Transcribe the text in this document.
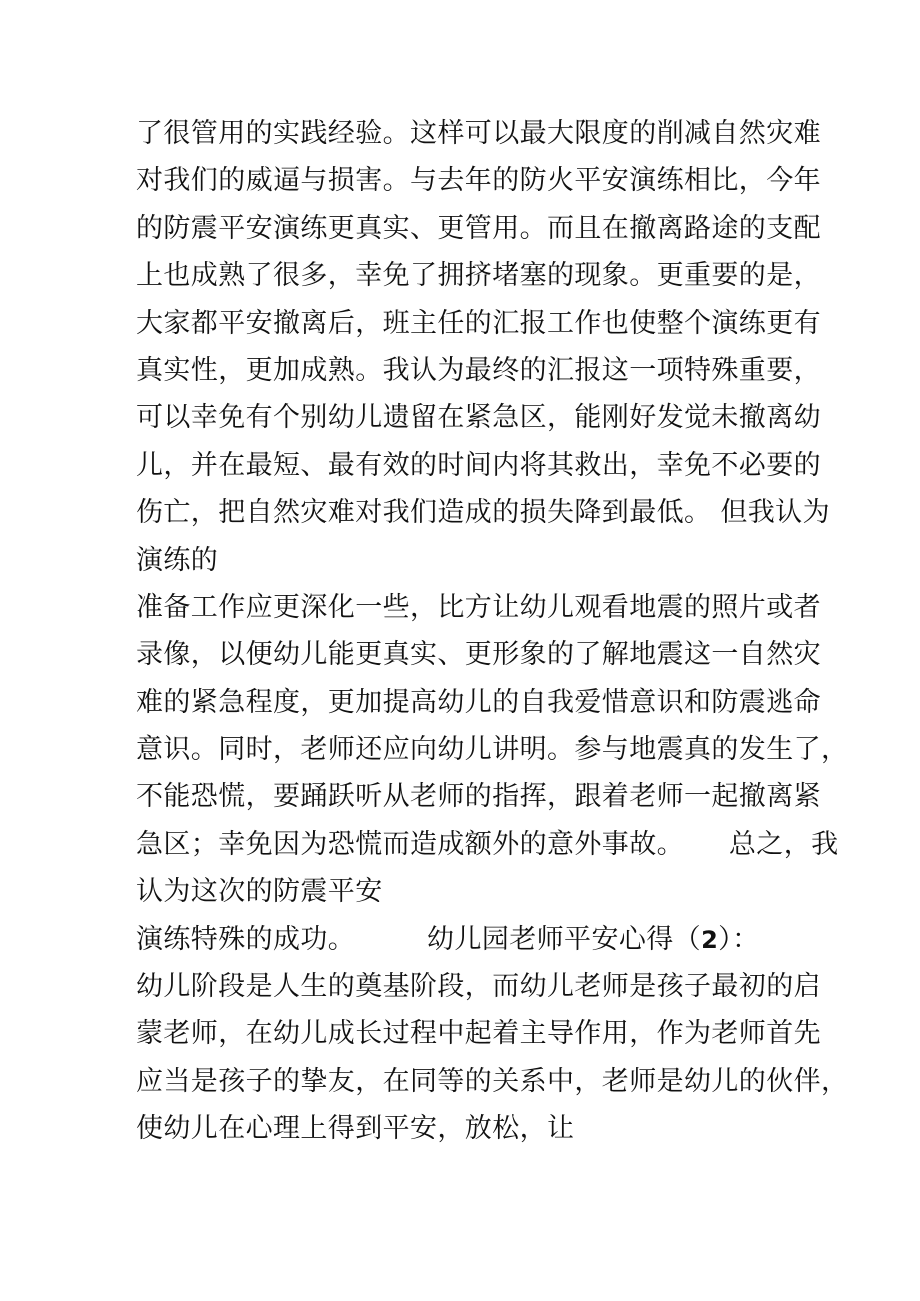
了很管用的实践经验。这样可以最大限度的削减自然灾难
对我们的威逼与损害。与去年的防火平安演练相比，今年
的防震平安演练更真实、更管用。而且在撤离路途的支配
上也成熟了很多，幸免了拥挤堵塞的现象。更重要的是，
大家都平安撤离后，班主任的汇报工作也使整个演练更有
真实性，更加成熟。我认为最终的汇报这一项特殊重要，
可以幸免有个别幼儿遗留在紧急区，能刚好发觉未撤离幼
儿，并在最短、最有效的时间内将其救出，幸免不必要的
伤亡，把自然灾难对我们造成的损失降到最低。 但我认为
演练的
准备工作应更深化一些，比方让幼儿观看地震的照片或者
录像，以便幼儿能更真实、更形象的了解地震这一自然灾
难的紧急程度，更加提高幼儿的自我爱惜意识和防震逃命
意识。同时，老师还应向幼儿讲明。参与地震真的发生了，
不能恐慌，要踊跃听从老师的指挥，跟着老师一起撤离紧
急区；幸免因为恐慌而造成额外的意外事故。     总之，我
认为这次的防震平安
演练特殊的成功。        幼儿园老师平安心得（2）：
幼儿阶段是人生的奠基阶段，而幼儿老师是孩子最初的启
蒙老师，在幼儿成长过程中起着主导作用，作为老师首先
应当是孩子的挚友，在同等的关系中，老师是幼儿的伙伴，
使幼儿在心理上得到平安，放松，让
